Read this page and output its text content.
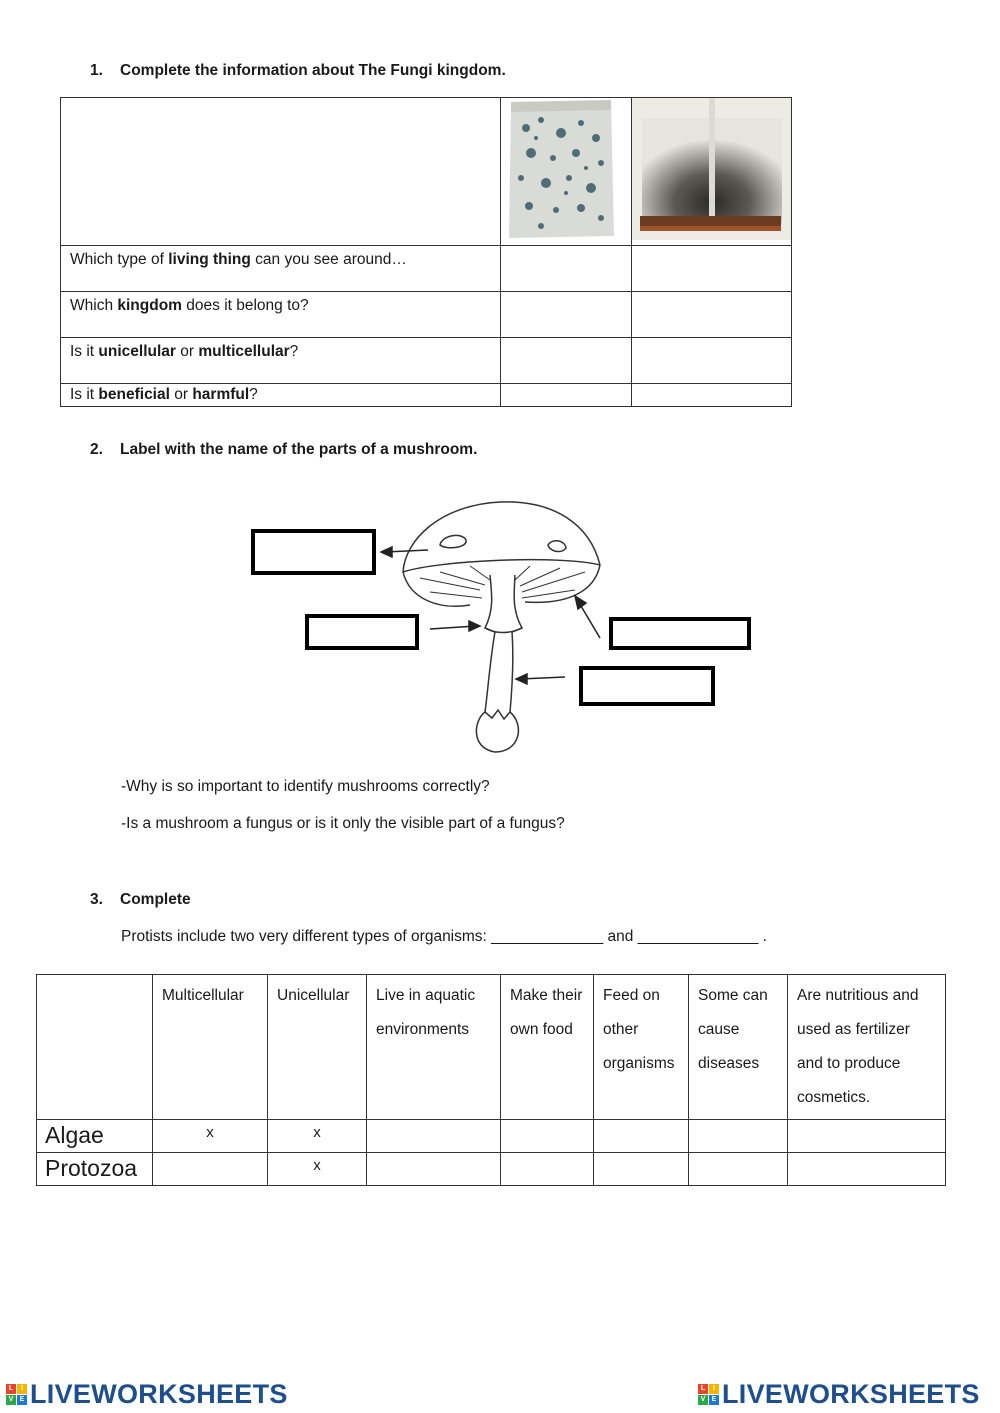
1. Complete the information about The Fungi kingdom.

Which type of living thing can you see around…		
Which kingdom does it belong to?		
Is it unicellular or multicellular?		
Is it beneficial or harmful?		
2. Label with the name of the parts of a mushroom.
-Why is so important to identify mushrooms correctly?
-Is a mushroom a fungus or is it only the visible part of a fungus?
3. Complete
Protists include two very different types of organisms: _____________ and ______________ .
	Multicellular	Unicellular	Live in aquatic environments	Make their own food	Feed on other organisms	Some can cause diseases	Are nutritious and used as fertilizer and to produce cosmetics.
Algae	x	x					
Protozoa		x					
L	I
V E LIVEWORKSHEETS	L	I
V E LIVEWORKSHEETS
